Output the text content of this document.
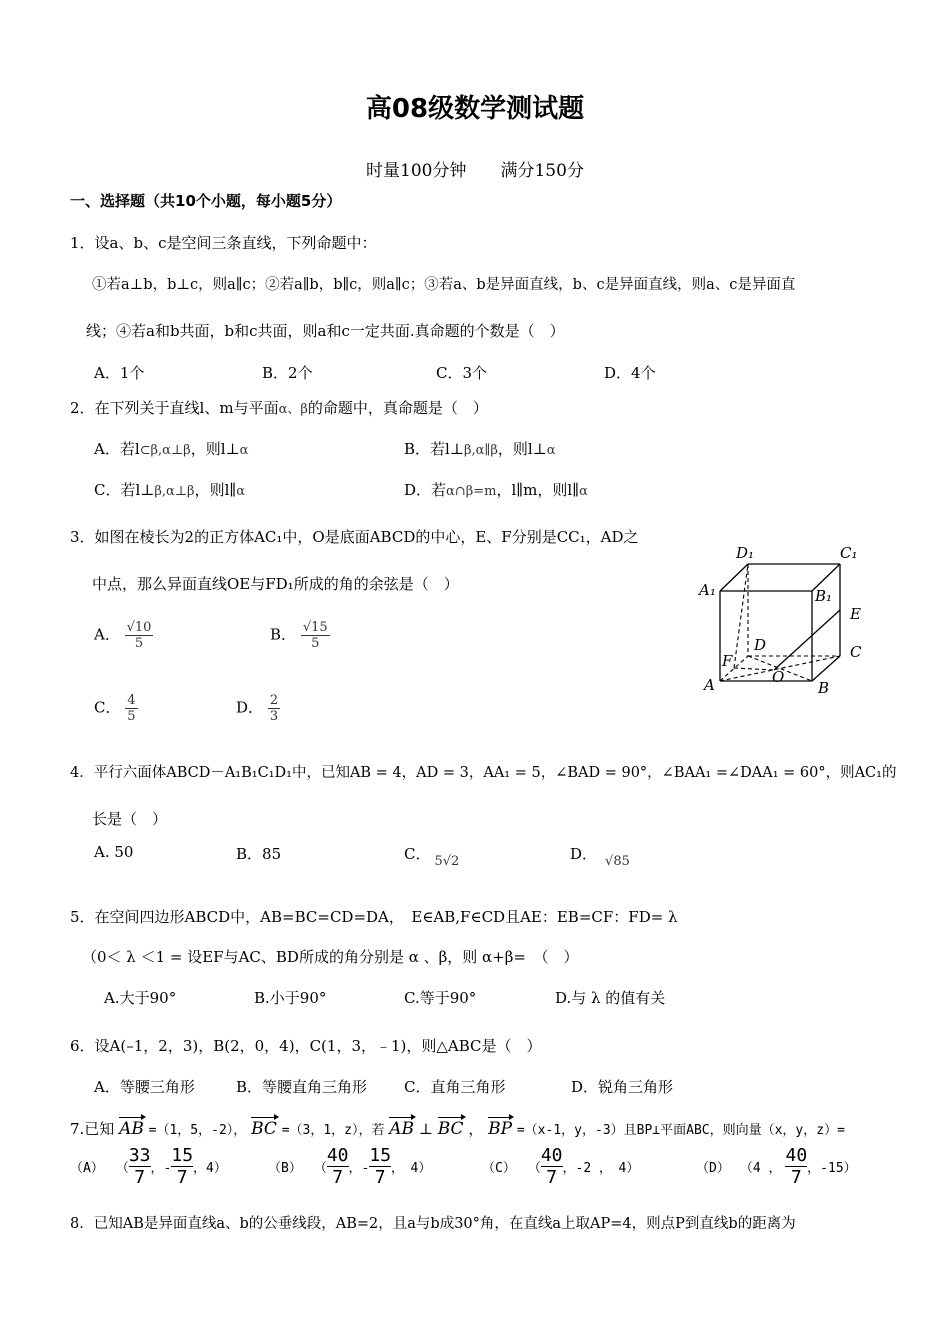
高08级数学测试题
时量100分钟　　满分150分
一、选择题（共10个小题，每小题5分）
1．设a、b、c是空间三条直线，下列命题中：
①若a⊥b，b⊥c，则a∥c；②若a∥b，b∥c，则a∥c；③若a、b是异面直线，b、c是异面直线，则a、c是异面直
线；④若a和b共面，b和c共面，则a和c一定共面.真命题的个数是（　）
A．1个	B．2个	C．3个	D．4个
2．在下列关于直线l、m与平面α、β的命题中，真命题是（　）
A．若l⊂β,α⊥β，则l⊥α	B．若l⊥β,α∥β，则l⊥α
C．若l⊥β,α⊥β，则l∥α	D．若α∩β=m，l∥m，则l∥α
3．如图在棱长为2的正方体AC₁中，O是底面ABCD的中心，E、F分别是CC₁，AD之
中点，那么异面直线OE与FD₁所成的角的余弦是（　）
A． $\frac{√10}{5}$	B． $\frac{√15}{5}$
C． $\frac{4}{5}$	D． $\frac{2}{3}$
D₁	C₁
A₁	B₁
E
D	C
F
O
A	B
4．平行六面体ABCD－A₁B₁C₁D₁中，已知AB = 4，AD = 3，AA₁ = 5，∠BAD = 90°，∠BAA₁ =∠DAA₁ = 60°，则AC₁的
长是（　）
A. 50	B．85	C． 5√2	D． √85
5．在空间四边形ABCD中，AB=BC=CD=DA，　E∈AB,F∈CD且AE：EB=CF：FD= λ
（0＜ λ ＜1 = 设EF与AC、BD所成的角分别是 α 、β，则 α+β=　（　）
A.大于90°	B.小于90°	C.等于90°	D.与 λ 的值有关
6．设A(–1，2，3)，B(2，0，4)，C(1，3，﹣1)，则△ABC是（　）
A．等腰三角形	B．等腰直角三角形 C．直角三角形	D．锐角三角形
7.已知 AB =（1，5，-2）， BC =（3，1，z），若 AB ⊥ BC ， BP =（x-1，y，-3）且BP⊥平面ABC，则向量（x，y，z）=
（A） （
33
7 ，-
15
7 ，4）	（B） （
40
7 ，-
15
7 ，　4）	（C） （
40
7 ，-2 ，　4）	（D） （4 ，
40
7 ，-15）
8．已知AB是异面直线a、b的公垂线段，AB=2，且a与b成30°角，在直线a上取AP=4，则点P到直线b的距离为
